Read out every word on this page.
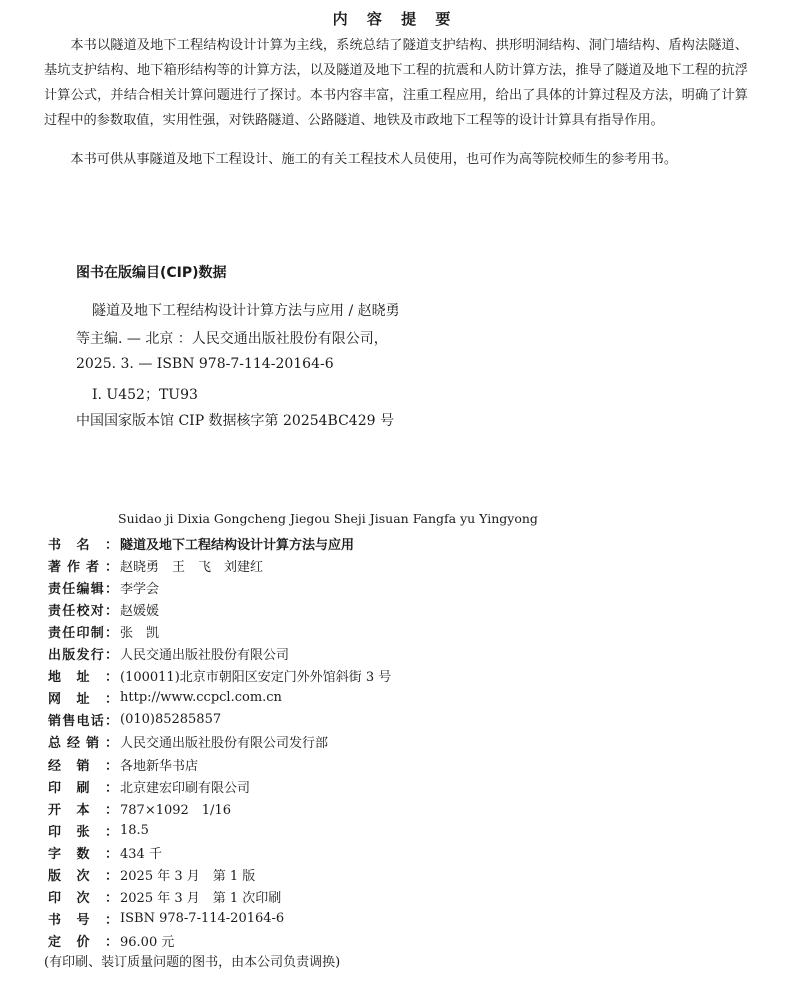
内 容 提 要

本书以隧道及地下工程结构设计计算为主线，系统总结了隧道支护结构、拱形明洞结构、洞门墙结构、盾构法隧道、基坑支护结构、地下箱形结构等的计算方法，以及隧道及地下工程的抗震和人防计算方法，推导了隧道及地下工程的抗浮计算公式，并结合相关计算问题进行了探讨。本书内容丰富，注重工程应用，给出了具体的计算过程及方法，明确了计算过程中的参数取值，实用性强，对铁路隧道、公路隧道、地铁及市政地下工程等的设计计算具有指导作用。

本书可供从事隧道及地下工程设计、施工的有关工程技术人员使用，也可作为高等院校师生的参考用书。

图书在版编目(CIP)数据
隧道及地下工程结构设计计算方法与应用 / 赵晓勇
等主编. — 北京 ：人民交通出版社股份有限公司，
2025. 3. — ISBN 978-7-114-20164-6
Ⅰ. U452；TU93
中国国家版本馆 CIP 数据核字第 20254BC429 号
Suidao ji Dixia Gongcheng Jiegou Sheji Jisuan Fangfa yu Yingyong
书 名 ： 隧道及地下工程结构设计计算方法与应用
著 作 者 ： 赵晓勇　王　飞　刘建红
责 任 编 辑 ： 李学会
责 任 校 对 ： 赵媛媛
责 任 印 制 ： 张　凯
出 版 发 行 ： 人民交通出版社股份有限公司
地 址 ： (100011)北京市朝阳区安定门外外馆斜街 3 号
网 址 ： http://www.ccpcl.com.cn
销 售 电 话 ： (010)85285857
总 经 销 ： 人民交通出版社股份有限公司发行部
经 销 ： 各地新华书店
印 刷 ： 北京建宏印刷有限公司
开 本 ： 787×1092　1/16
印 张 ： 18.5
字 数 ： 434 千
版 次 ： 2025 年 3 月　第 1 版
印 次 ： 2025 年 3 月　第 1 次印刷
书 号 ： ISBN 978-7-114-20164-6
定 价 ： 96.00 元
(有印刷、装订质量问题的图书，由本公司负责调换)
